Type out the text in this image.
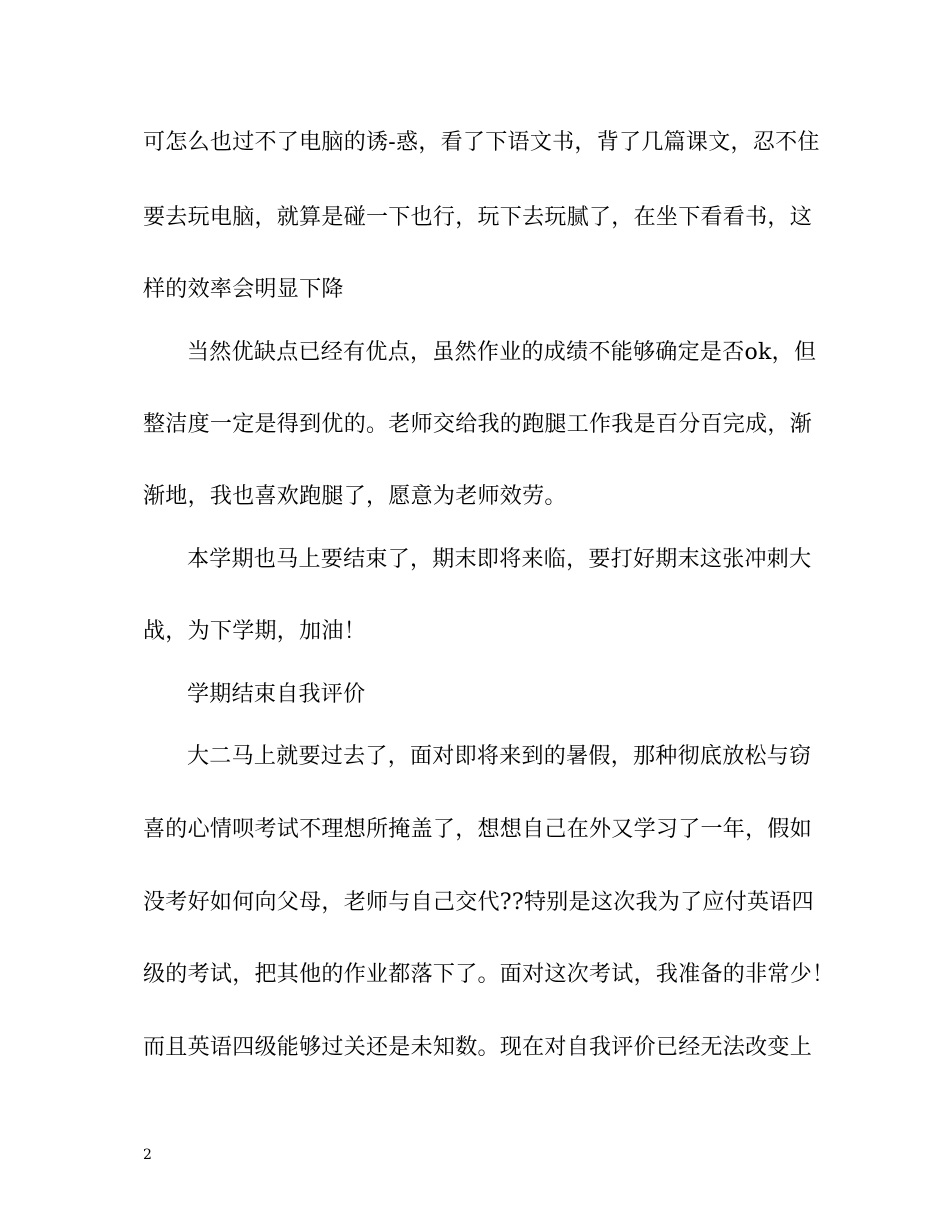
可怎么也过不了电脑的诱-惑，看了下语文书，背了几篇课文，忍不住
要去玩电脑，就算是碰一下也行，玩下去玩腻了，在坐下看看书，这
样的效率会明显下降
当然优缺点已经有优点，虽然作业的成绩不能够确定是否ok，但
整洁度一定是得到优的。老师交给我的跑腿工作我是百分百完成，渐
渐地，我也喜欢跑腿了，愿意为老师效劳。
本学期也马上要结束了，期末即将来临，要打好期末这张冲刺大
战，为下学期，加油！
学期结束自我评价
大二马上就要过去了，面对即将来到的暑假，那种彻底放松与窃
喜的心情呗考试不理想所掩盖了，想想自己在外又学习了一年，假如
没考好如何向父母，老师与自己交代??特别是这次我为了应付英语四
级的考试，把其他的作业都落下了。面对这次考试，我准备的非常少！
而且英语四级能够过关还是未知数。现在对自我评价已经无法改变上
2
